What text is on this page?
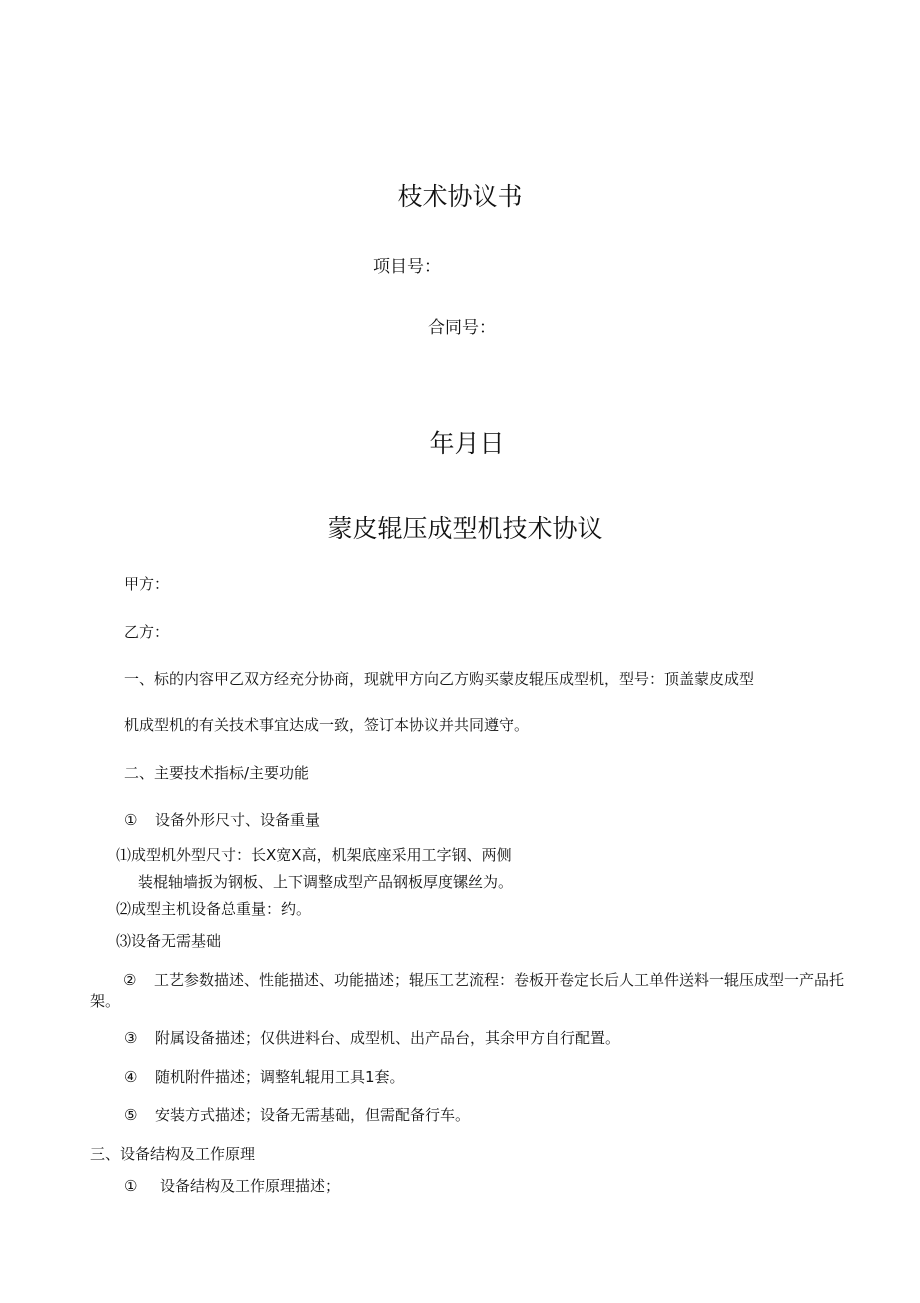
枝术协议书
项目号：
合同号：
年月日
蒙皮辊压成型机技术协议
甲方：
乙方：
一、标的内容甲乙双方经充分协商，现就甲方向乙方购买蒙皮辊压成型机，型号：顶盖蒙皮成型
机成型机的有关技术事宜达成一致，签订本协议并共同遵守。
二、主要技术指标/主要功能
① 设备外形尺寸、设备重量
⑴成型机外型尺寸：长X宽X高，机架底座采用工字钢、两侧
装棍轴墙扳为钢板、上下调整成型产品钢板厚度镙丝为。
⑵成型主机设备总重量：约。
⑶设备无需基础
② 工艺参数描述、性能描述、功能描述；辊压工艺流程：卷板开卷定长后人工单件送料一辊压成型一产品托架。
③ 附属设备描述；仅供进料台、成型机、出产品台，其余甲方自行配置。
④ 随机附件描述；调整轧辊用工具1套。
⑤ 安装方式描述；设备无需基础，但需配备行车。
三、设备结构及工作原理
① 设备结构及工作原理描述；
